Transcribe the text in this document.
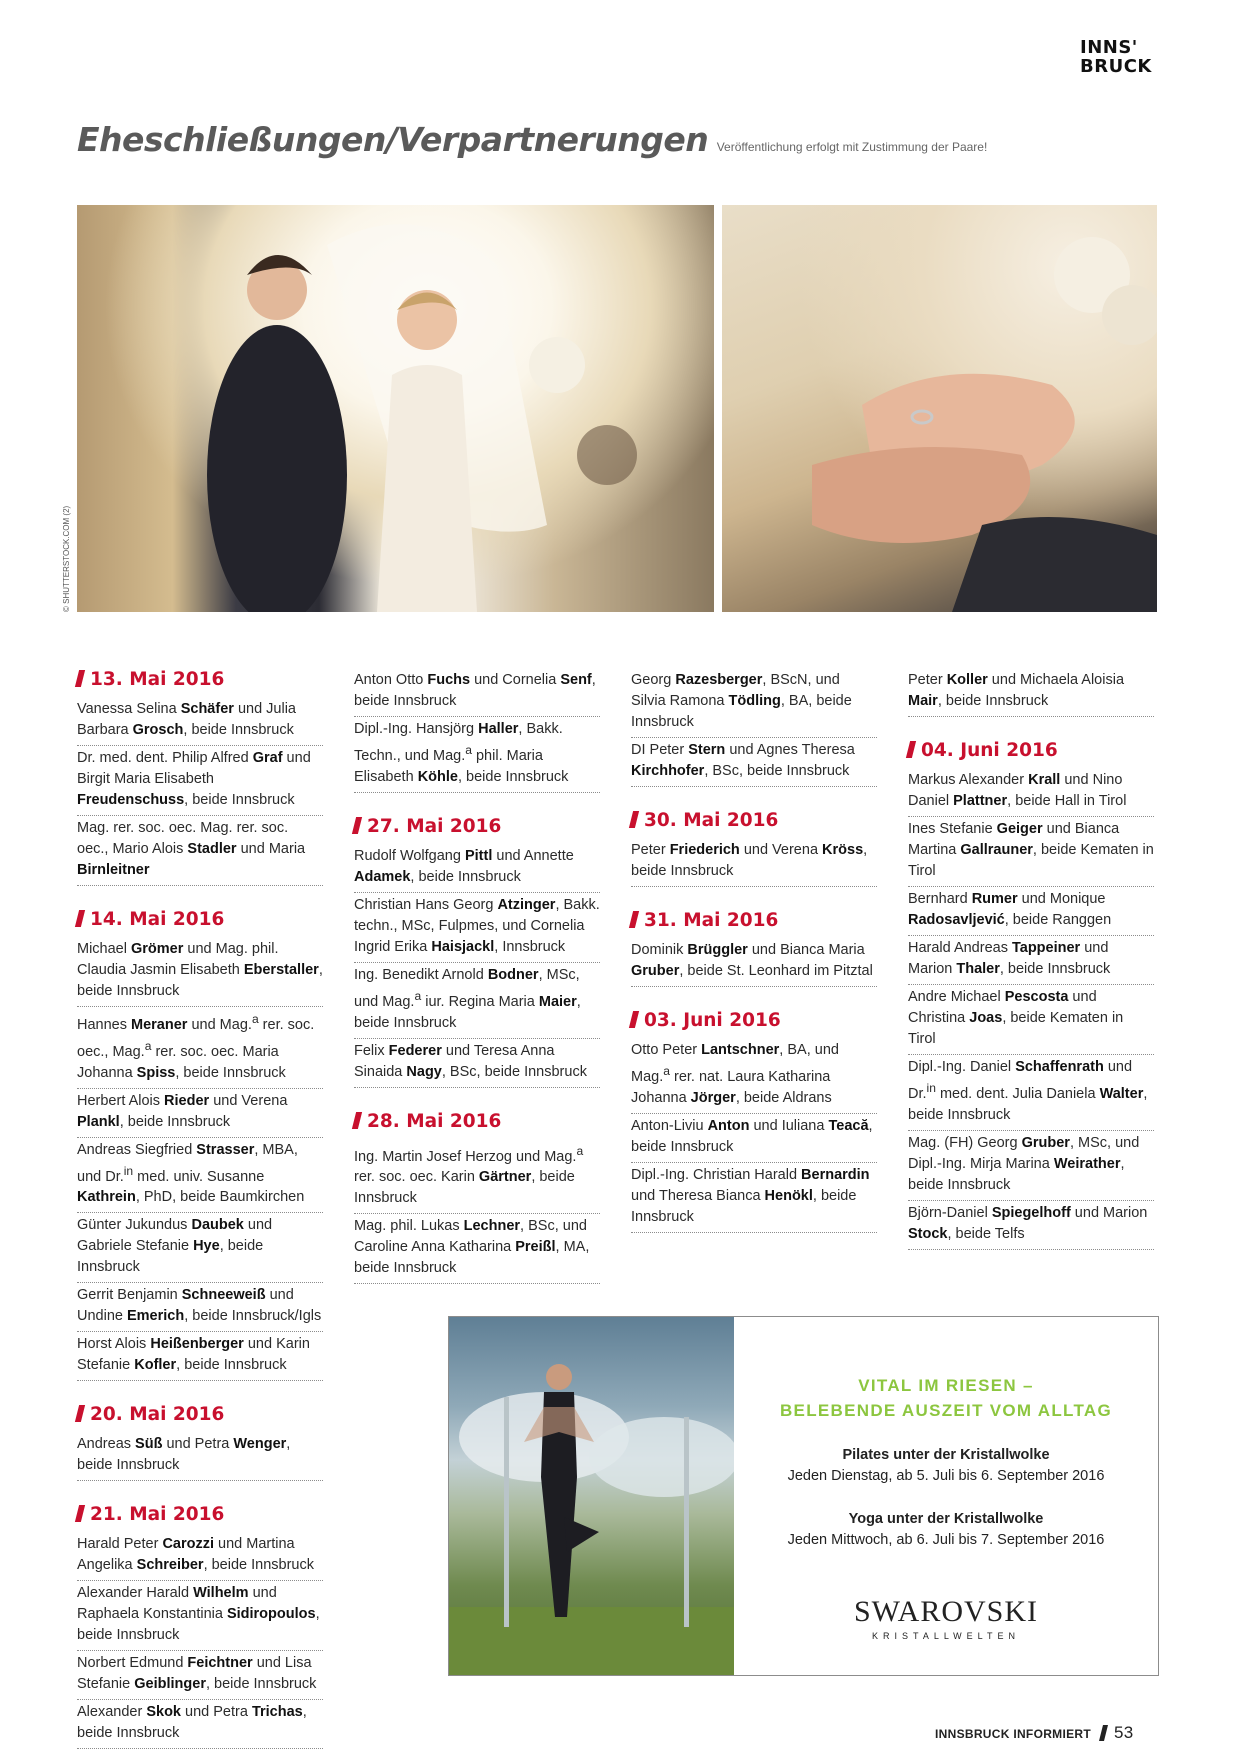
INNS'
BRUCK
Eheschließungen/Verpartnerungen Veröffentlichung erfolgt mit Zustimmung der Paare!
© SHUTTERSTOCK.COM (2)
13. Mai 2016
Vanessa Selina Schäfer und Julia Barbara Grosch, beide Innsbruck
Dr. med. dent. Philip Alfred Graf und Birgit Maria Elisabeth Freudenschuss, beide Innsbruck
Mag. rer. soc. oec. Mag. rer. soc. oec., Mario Alois Stadler und Maria Birnleitner
14. Mai 2016
Michael Grömer und Mag. phil. Claudia Jasmin Elisabeth Eberstaller, beide Innsbruck
Hannes Meraner und Mag.$^a$ rer. soc. oec., Mag.$^a$ rer. soc. oec. Maria Johanna Spiss, beide Innsbruck
Herbert Alois Rieder und Verena Plankl, beide Innsbruck
Andreas Siegfried Strasser, MBA, und Dr.$^{in}$ med. univ. Susanne Kathrein, PhD, beide Baumkirchen
Günter Jukundus Daubek und Gabriele Stefanie Hye, beide Innsbruck
Gerrit Benjamin Schneeweiß und Undine Emerich, beide Innsbruck/Igls
Horst Alois Heißenberger und Karin Stefanie Kofler, beide Innsbruck
20. Mai 2016
Andreas Süß und Petra Wenger, beide Innsbruck
21. Mai 2016
Harald Peter Carozzi und Martina Angelika Schreiber, beide Innsbruck
Alexander Harald Wilhelm und Raphaela Konstantinia Sidiropoulos, beide Innsbruck
Norbert Edmund Feichtner und Lisa Stefanie Geiblinger, beide Innsbruck
Alexander Skok und Petra Trichas, beide Innsbruck
Anton Otto Fuchs und Cornelia Senf, beide Innsbruck
Dipl.-Ing. Hansjörg Haller, Bakk. Techn., und Mag.$^a$ phil. Maria Elisabeth Köhle, beide Innsbruck
27. Mai 2016
Rudolf Wolfgang Pittl und Annette Adamek, beide Innsbruck
Christian Hans Georg Atzinger, Bakk. techn., MSc, Fulpmes, und Cornelia Ingrid Erika Haisjackl, Innsbruck
Ing. Benedikt Arnold Bodner, MSc, und Mag.$^a$ iur. Regina Maria Maier, beide Innsbruck
Felix Federer und Teresa Anna Sinaida Nagy, BSc, beide Innsbruck
28. Mai 2016
Ing. Martin Josef Herzog und Mag.$^a$ rer. soc. oec. Karin Gärtner, beide Innsbruck
Mag. phil. Lukas Lechner, BSc, und Caroline Anna Katharina Preißl, MA, beide Innsbruck
Georg Razesberger, BScN, und Silvia Ramona Tödling, BA, beide Innsbruck
DI Peter Stern und Agnes Theresa Kirchhofer, BSc, beide Innsbruck
30. Mai 2016
Peter Friederich und Verena Kröss, beide Innsbruck
31. Mai 2016
Dominik Brüggler und Bianca Maria Gruber, beide St. Leonhard im Pitztal
03. Juni 2016
Otto Peter Lantschner, BA, und Mag.$^a$ rer. nat. Laura Katharina Johanna Jörger, beide Aldrans
Anton-Liviu Anton und Iuliana Teacă, beide Innsbruck
Dipl.-Ing. Christian Harald Bernardin und Theresa Bianca Henökl, beide Innsbruck
Peter Koller und Michaela Aloisia Mair, beide Innsbruck
04. Juni 2016
Markus Alexander Krall und Nino Daniel Plattner, beide Hall in Tirol
Ines Stefanie Geiger und Bianca Martina Gallrauner, beide Kematen in Tirol
Bernhard Rumer und Monique Radosavljević, beide Ranggen
Harald Andreas Tappeiner und Marion Thaler, beide Innsbruck
Andre Michael Pescosta und Christina Joas, beide Kematen in Tirol
Dipl.-Ing. Daniel Schaffenrath und Dr.$^{in}$ med. dent. Julia Daniela Walter, beide Innsbruck
Mag. (FH) Georg Gruber, MSc, und Dipl.-Ing. Mirja Marina Weirather, beide Innsbruck
Björn-Daniel Spiegelhoff und Marion Stock, beide Telfs
VITAL IM RIESEN –
BELEBENDE AUSZEIT VOM ALLTAG
Pilates unter der Kristallwolke
Jeden Dienstag, ab 5. Juli bis 6. September 2016
Yoga unter der Kristallwolke
Jeden Mittwoch, ab 6. Juli bis 7. September 2016
SWAROVSKI
KRISTALLWELTEN
INNSBRUCK INFORMIERT 53
